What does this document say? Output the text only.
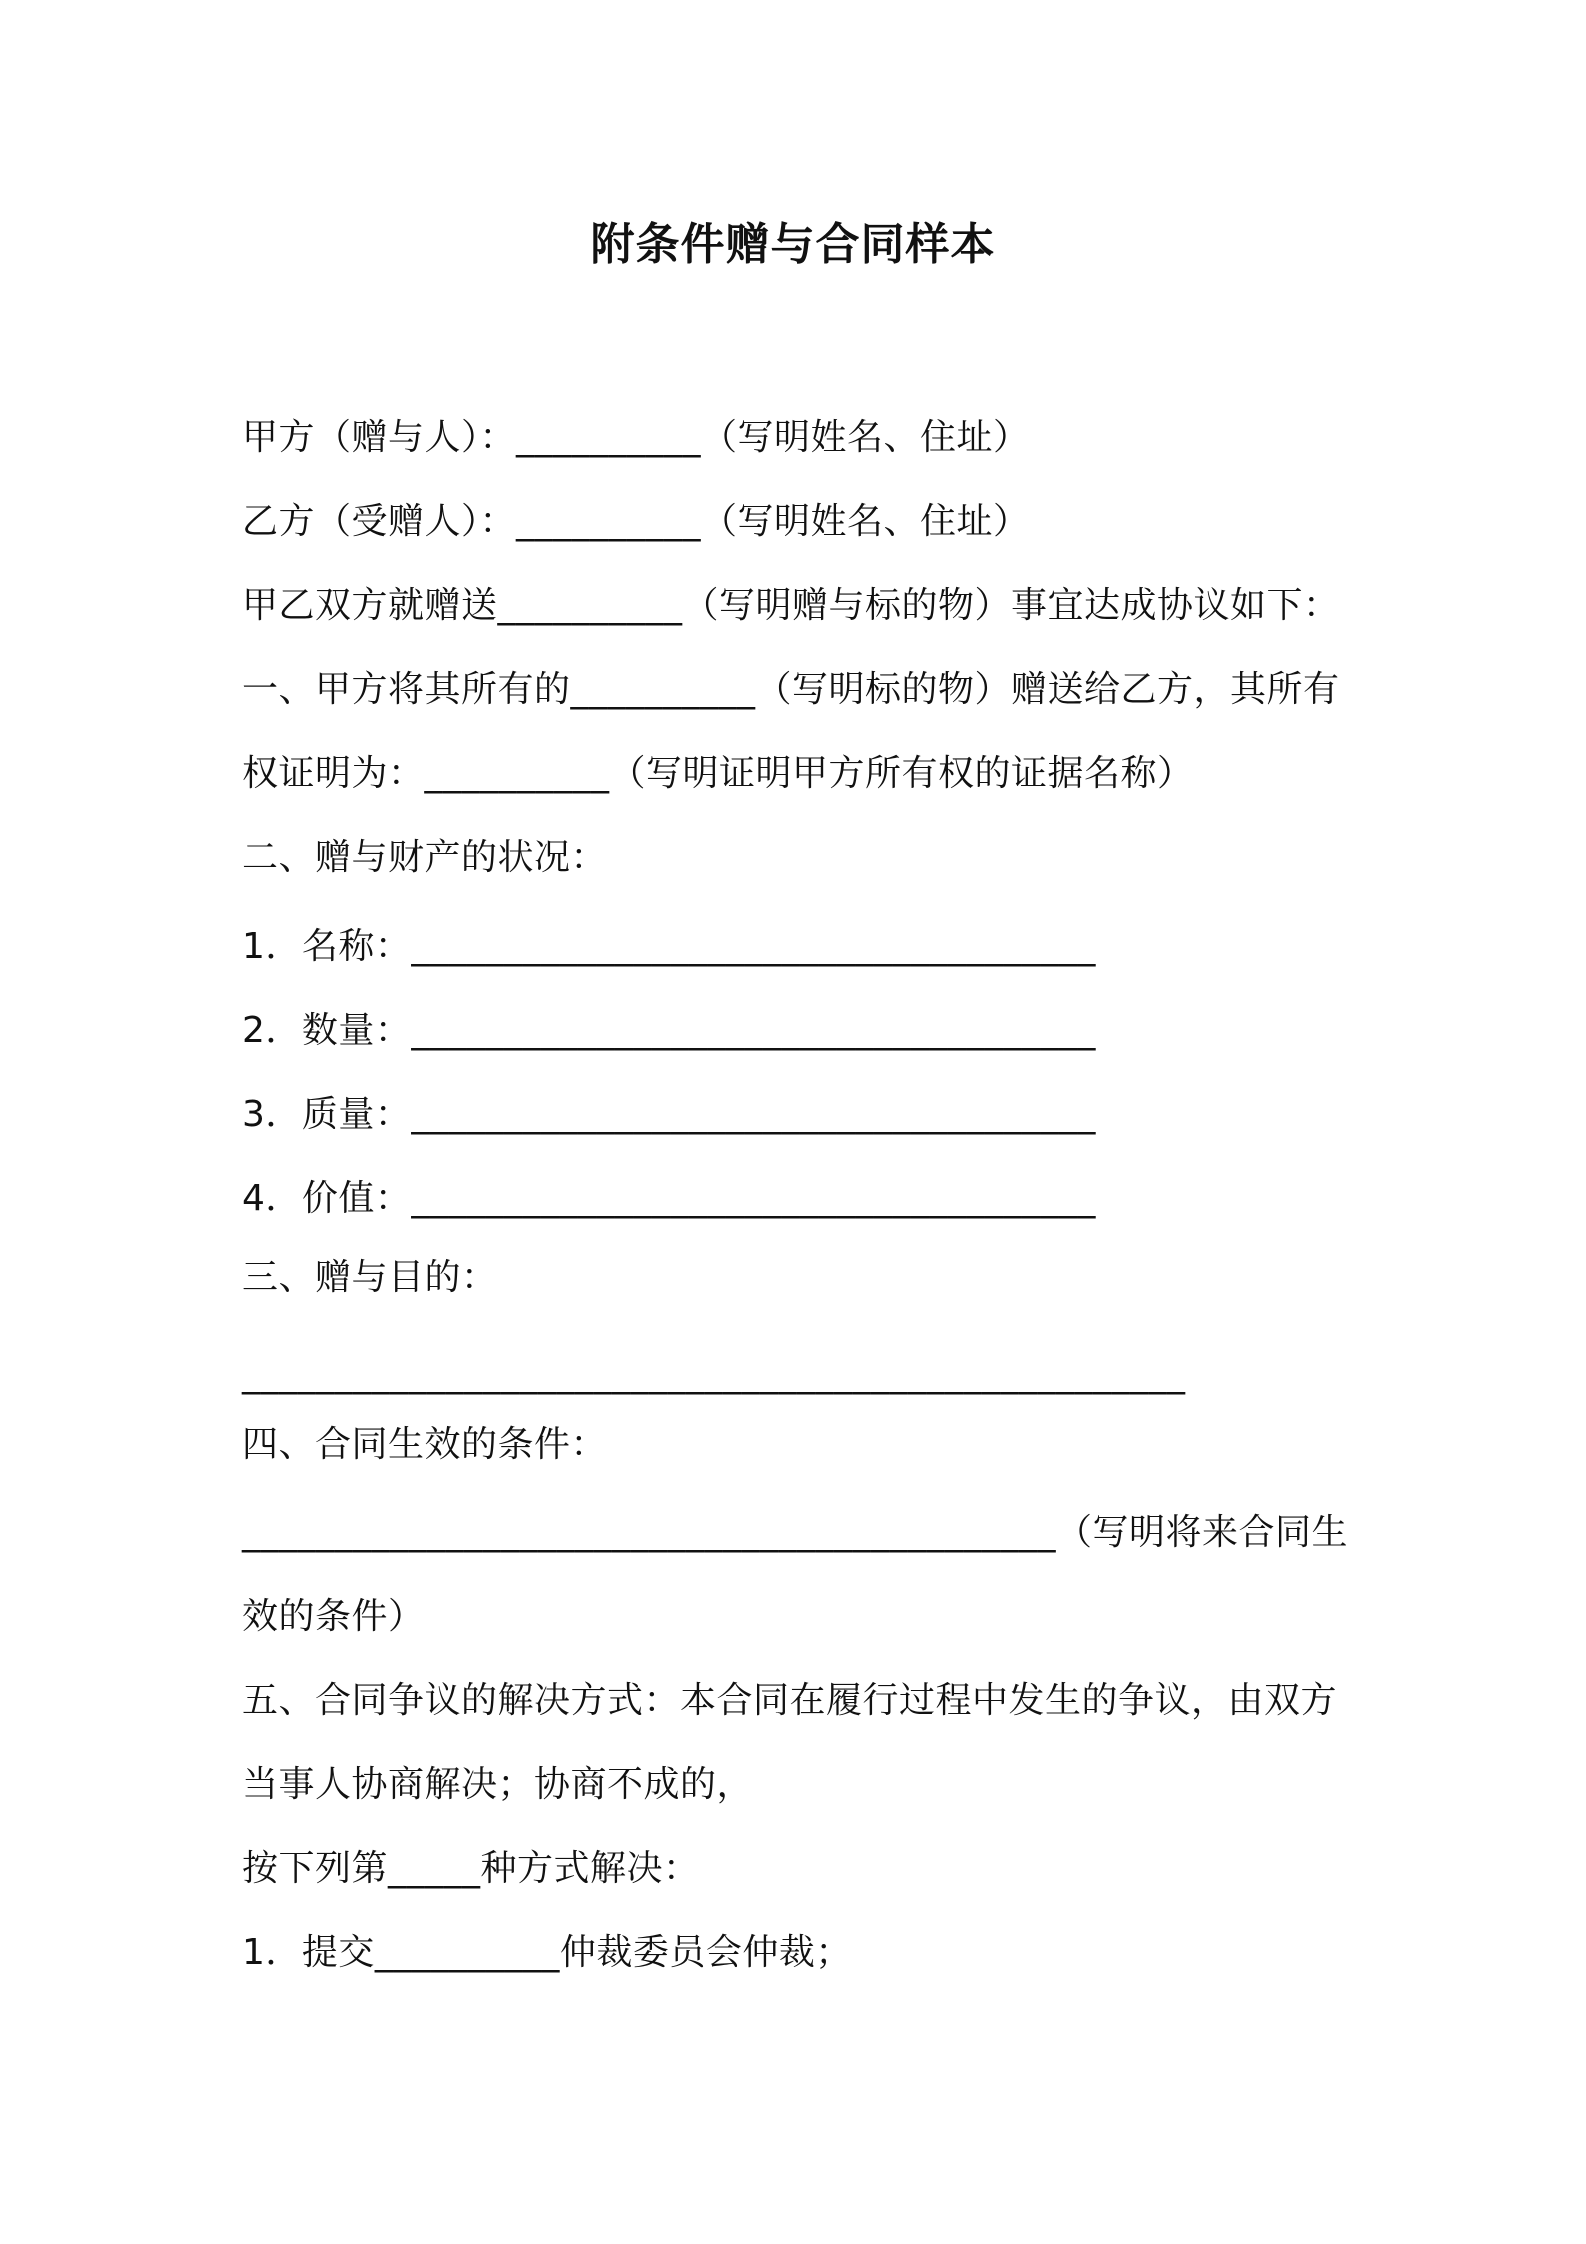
附条件赠与合同样本
甲方（赠与人）：__________（写明姓名、住址）
乙方（受赠人）：__________（写明姓名、住址）
甲乙双方就赠送__________（写明赠与标的物）事宜达成协议如下：
一、甲方将其所有的__________（写明标的物）赠送给乙方，其所有
权证明为：__________（写明证明甲方所有权的证据名称）
二、赠与财产的状况：
1．名称：_____________________________________
2．数量：_____________________________________
3．质量：_____________________________________
4．价值：_____________________________________
三、赠与目的：
___________________________________________________
四、合同生效的条件：
____________________________________________（写明将来合同生
效的条件）
五、合同争议的解决方式：本合同在履行过程中发生的争议，由双方
当事人协商解决；协商不成的，
按下列第_____种方式解决：
1．提交__________仲裁委员会仲裁；
